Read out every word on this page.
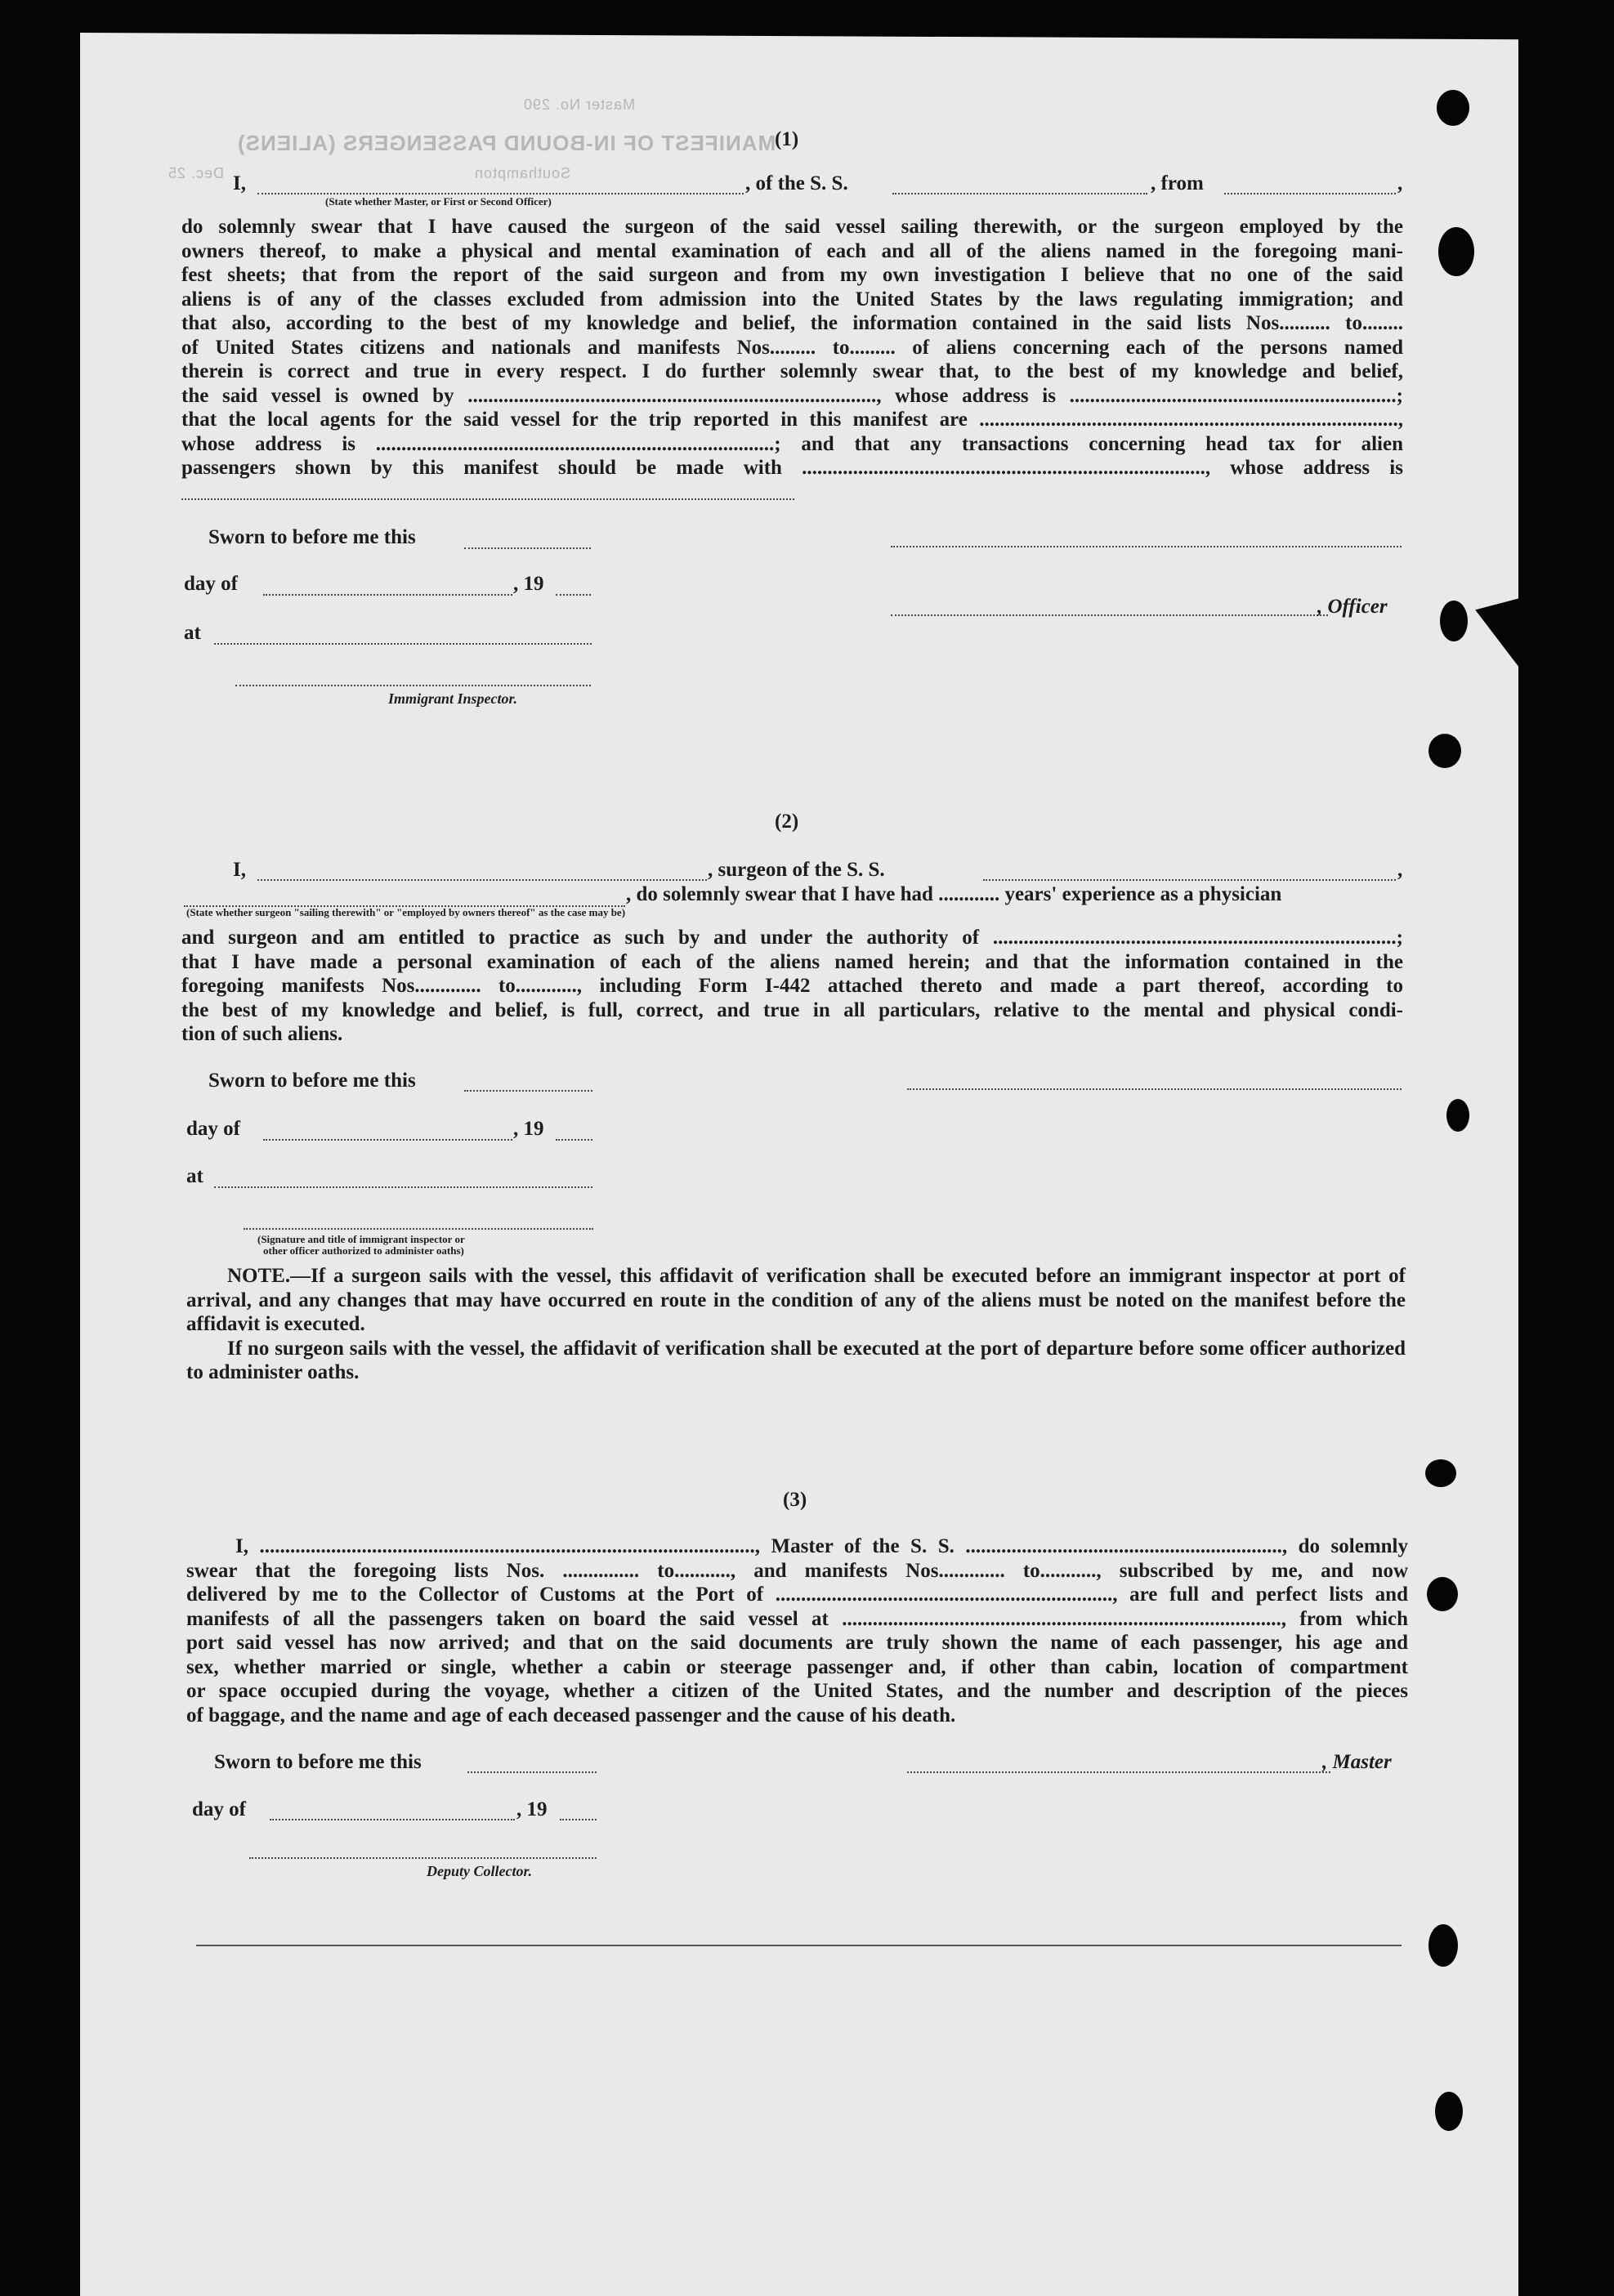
MANIFEST OF IN-BOUND PASSENGERS (ALIENS)
Master No. 290
Southampton
Dec. 25
(1)
I,	, of the S. S.	, from	,
(State whether Master, or First or Second Officer)
do solemnly swear that I have caused the surgeon of the said vessel sailing therewith, or the surgeon employed by the
owners thereof, to make a physical and mental examination of each and all of the aliens named in the foregoing mani-
fest sheets; that from the report of the said surgeon and from my own investigation I believe that no one of the said
aliens is of any of the classes excluded from admission into the United States by the laws regulating immigration; and
that also, according to the best of my knowledge and belief, the information contained in the said lists Nos.......... to........
of United States citizens and nationals and manifests Nos......... to......... of aliens concerning each of the persons named
therein is correct and true in every respect. I do further solemnly swear that, to the best of my knowledge and belief,
the said vessel is owned by ................................................................................, whose address is ................................................................;
that the local agents for the said vessel for the trip reported in this manifest are ..................................................................................,
whose address is ..............................................................................; and that any transactions concerning head tax for alien
passengers shown by this manifest should be made with ..............................................................................., whose address is
Sworn to before me this
day of	, 19
, Officer
at
Immigrant Inspector.
(2)
I,	, surgeon of the S. S.	,
, do solemnly swear that I have had ............ years' experience as a physician
(State whether surgeon "sailing therewith" or "employed by owners thereof" as the case may be)
and surgeon and am entitled to practice as such by and under the authority of ...............................................................................;
that I have made a personal examination of each of the aliens named herein; and that the information contained in the
foregoing manifests Nos............. to............, including Form I-442 attached thereto and made a part thereof, according to
the best of my knowledge and belief, is full, correct, and true in all particulars, relative to the mental and physical condi-
tion of such aliens.
Sworn to before me this
day of	, 19
at
(Signature and title of immigrant inspector or
other officer authorized to administer oaths)

NOTE.—If a surgeon sails with the vessel, this affidavit of verification shall be executed before an immigrant inspector at port of arrival, and any changes that may have occurred en route in the condition of any of the aliens must be noted on the manifest before the affidavit is executed.

If no surgeon sails with the vessel, the affidavit of verification shall be executed at the port of departure before some officer authorized to administer oaths.

(3)
I, ................................................................................................., Master of the S. S. .............................................................., do solemnly
swear that the foregoing lists Nos. ............... to..........., and manifests Nos............. to..........., subscribed by me, and now
delivered by me to the Collector of Customs at the Port of .................................................................., are full and perfect lists and
manifests of all the passengers taken on board the said vessel at ......................................................................................, from which
port said vessel has now arrived; and that on the said documents are truly shown the name of each passenger, his age and
sex, whether married or single, whether a cabin or steerage passenger and, if other than cabin, location of compartment
or space occupied during the voyage, whether a citizen of the United States, and the number and description of the pieces
of baggage, and the name and age of each deceased passenger and the cause of his death.
Sworn to before me this	, Master
day of	, 19
Deputy Collector.
